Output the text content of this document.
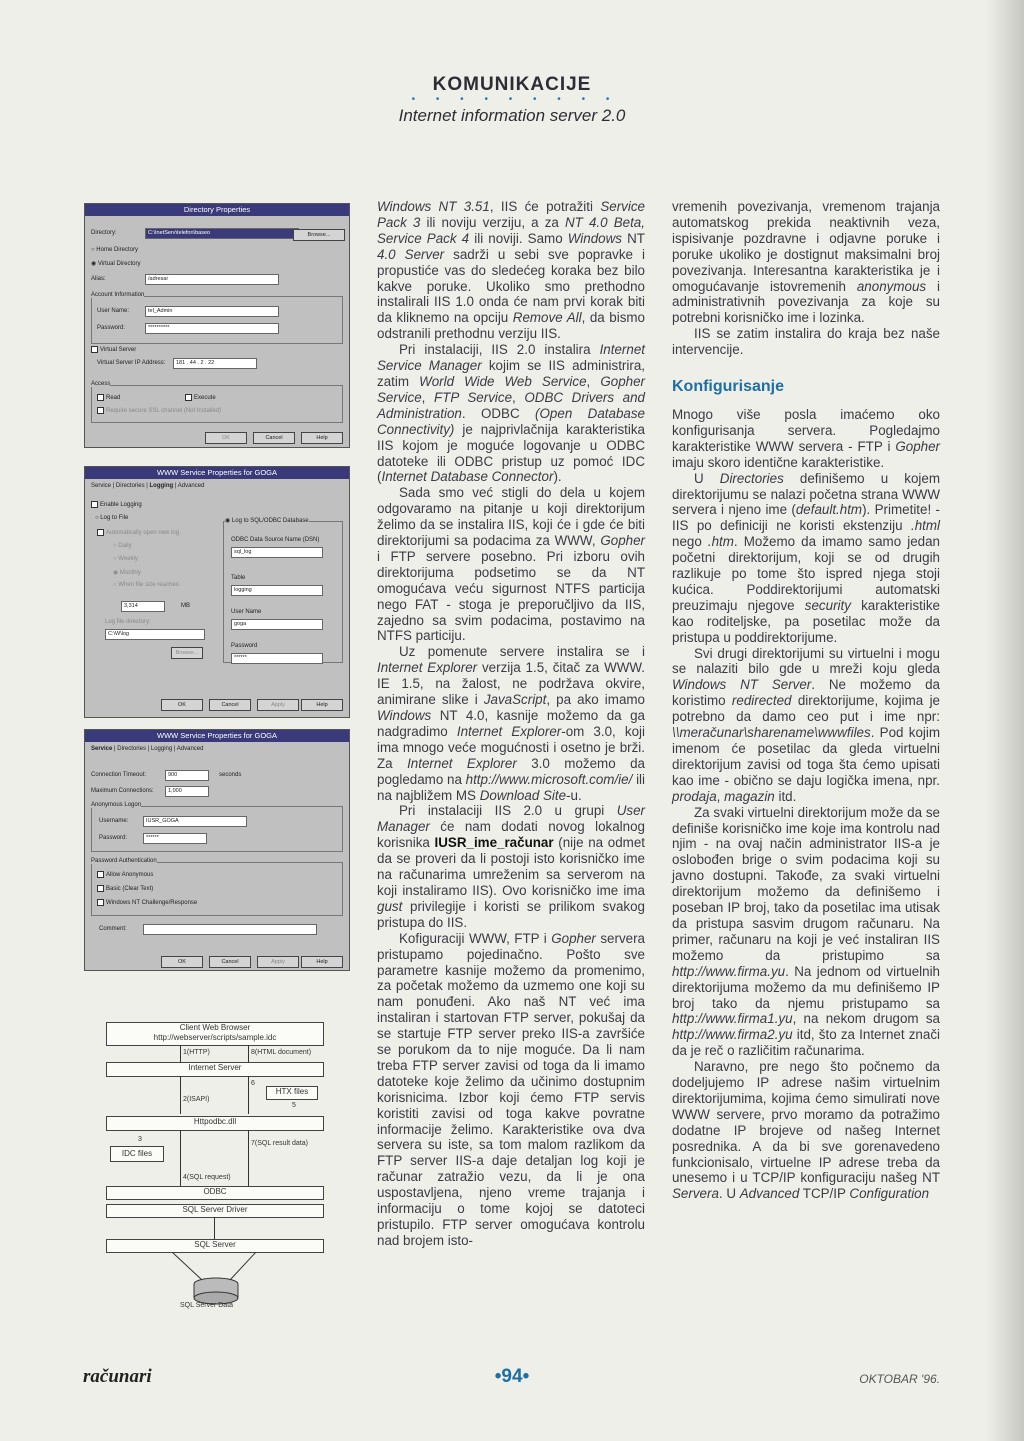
KOMUNIKACIJE
• • • • • • • • •
Internet information server 2.0
Directory Properties
Directory:	C:\InetServ\telefon\baseo	Browse...
○ Home Directory
◉ Virtual Directory
Alias:	/adresar
Account Information
User Name:	tel_Admin
Password:	**********
Virtual Server
Virtual Server IP Address:	181 . 44 . 2 . 22
Access
Read	Execute
Require secure SSL channel (Not Installed)
OK	Cancel	Help
WWW Service Properties for GOGA
Service | Directories | Logging | Advanced
Enable Logging
○ Log to File
Automatically open new log
○ Daily
○ Weekly
◉ Monthly
○ When file size reaches:
3,314	MB
Log file directory:
C:\W\log
Browse...
◉ Log to SQL/ODBC Database
ODBC Data Source Name (DSN)
sql_log
Table
logging
User Name
goga
Password
******
OK	Cancel	Apply	Help
WWW Service Properties for GOGA
Service | Directories | Logging | Advanced
Connection Timeout:	900	seconds
Maximum Connections:	1,000
Anonymous Logon
Username:	IUSR_GOGA
Password:	******
Password Authentication
Allow Anonymous
Basic (Clear Text)
Windows NT Challenge/Response
Comment:
OK	Cancel	Apply	Help
Client Web Browser
http://webserver/scripts/sample.idc
1(HTTP)	8(HTML document)
Internet Server
2(ISAPI)
6
HTX files
5
Httpodbc.dll
3
IDC files
7(SQL result data)
4(SQL request)
ODBC
SQL Server Driver
SQL Server
SQL Server Data

Windows NT 3.51, IIS će potražiti Service Pack 3 ili noviju verziju, a za NT 4.0 Beta, Service Pack 4 ili noviji. Samo Windows NT 4.0 Server sadrži u sebi sve popravke i propustiće vas do sledećeg koraka bez bilo kakve poruke. Ukoliko smo prethodno instalirali IIS 1.0 onda će nam prvi korak biti da kliknemo na opciju Remove All, da bismo odstranili prethodnu verziju IIS.

Pri instalaciji, IIS 2.0 instalira Internet Service Manager kojim se IIS administrira, zatim World Wide Web Service, Gopher Service, FTP Service, ODBC Drivers and Administration. ODBC (Open Database Connectivity) je najprivlačnija karakteristika IIS kojom je moguće logovanje u ODBC datoteke ili ODBC pristup uz pomoć IDC (Internet Database Connector).

Sada smo već stigli do dela u kojem odgovaramo na pitanje u koji direktorijum želimo da se instalira IIS, koji će i gde će biti direktorijumi sa podacima za WWW, Gopher i FTP servere posebno. Pri izboru ovih direktorijuma podsetimo se da NT omogućava veću sigurnost NTFS particija nego FAT - stoga je preporučljivo da IIS, zajedno sa svim podacima, postavimo na NTFS particiju.

Uz pomenute servere instalira se i Internet Explorer verzija 1.5, čitač za WWW. IE 1.5, na žalost, ne podržava okvire, animirane slike i JavaScript, pa ako imamo Windows NT 4.0, kasnije možemo da ga nadgradimo Internet Explorer-om 3.0, koji ima mnogo veće mogućnosti i osetno je brži. Za Internet Explorer 3.0 možemo da pogledamo na http://www.microsoft.com/ie/ ili na najbližem MS Download Site-u.

Pri instalaciji IIS 2.0 u grupi User Manager će nam dodati novog lokalnog korisnika IUSR_ime_računar (nije na odmet da se proveri da li postoji isto korisničko ime na računarima umreženim sa serverom na koji instaliramo IIS). Ovo korisničko ime ima gust privilegije i koristi se prilikom svakog pristupa do IIS.

Kofiguraciji WWW, FTP i Gopher servera pristupamo pojedinačno. Pošto sve parametre kasnije možemo da promenimo, za početak možemo da uzmemo one koji su nam ponuđeni. Ako naš NT već ima instaliran i startovan FTP server, pokušaj da se startuje FTP server preko IIS-a završiće se porukom da to nije moguće. Da li nam treba FTP server zavisi od toga da li imamo datoteke koje želimo da učinimo dostupnim korisnicima. Izbor koji ćemo FTP servis koristiti zavisi od toga kakve povratne informacije želimo. Karakteristike ova dva servera su iste, sa tom malom razlikom da FTP server IIS-a daje detaljan log koji je računar zatražio vezu, da li je ona uspostavljena, njeno vreme trajanja i informaciju o tome kojoj se datoteci pristupilo. FTP server omogućava kontrolu nad brojem isto-

vremenih povezivanja, vremenom trajanja automatskog prekida neaktivnih veza, ispisivanje pozdravne i odjavne poruke i poruke ukoliko je dostignut maksimalni broj povezivanja. Interesantna karakteristika je i omogućavanje istovremenih anonymous i administrativnih povezivanja za koje su potrebni korisničko ime i lozinka.

IIS se zatim instalira do kraja bez naše intervencije.

Konfigurisanje

Mnogo više posla imaćemo oko konfigurisanja servera. Pogledajmo karakteristike WWW servera - FTP i Gopher imaju skoro identične karakteristike.

U Directories definišemo u kojem direktorijumu se nalazi početna strana WWW servera i njeno ime (default.htm). Primetite! - IIS po definiciji ne koristi ekstenziju .html nego .htm. Možemo da imamo samo jedan početni direktorijum, koji se od drugih razlikuje po tome što ispred njega stoji kućica. Poddirektorijumi automatski preuzimaju njegove security karakteristike kao roditeljske, pa posetilac može da pristupa u poddirektorijume.

Svi drugi direktorijumi su virtuelni i mogu se nalaziti bilo gde u mreži koju gleda Windows NT Server. Ne možemo da koristimo redirected direktorijume, kojima je potrebno da damo ceo put i ime npr: \\meračunar\sharename\wwwfiles. Pod kojim imenom će posetilac da gleda virtuelni direktorijum zavisi od toga šta ćemo upisati kao ime - obično se daju logička imena, npr. prodaja, magazin itd.

Za svaki virtuelni direktorijum može da se definiše korisničko ime koje ima kontrolu nad njim - na ovaj način administrator IIS-a je oslobođen brige o svim podacima koji su javno dostupni. Takođe, za svaki virtuelni direktorijum možemo da definišemo i poseban IP broj, tako da posetilac ima utisak da pristupa sasvim drugom računaru. Na primer, računaru na koji je već instaliran IIS možemo da pristupimo sa http://www.firma.yu. Na jednom od virtuelnih direktorijuma možemo da mu definišemo IP broj tako da njemu pristupamo sa http://www.firma1.yu, na nekom drugom sa http://www.firma2.yu itd, što za Internet znači da je reč o različitim računarima.

Naravno, pre nego što počnemo da dodeljujemo IP adrese našim virtuelnim direktorijumima, kojima ćemo simulirati nove WWW servere, prvo moramo da potražimo dodatne IP brojeve od našeg Internet posrednika. A da bi sve gorenavedeno funkcionisalo, virtuelne IP adrese treba da unesemo i u TCP/IP konfiguraciju našeg NT Servera. U Advanced TCP/IP Configuration

računari	•94•	OKTOBAR '96.
